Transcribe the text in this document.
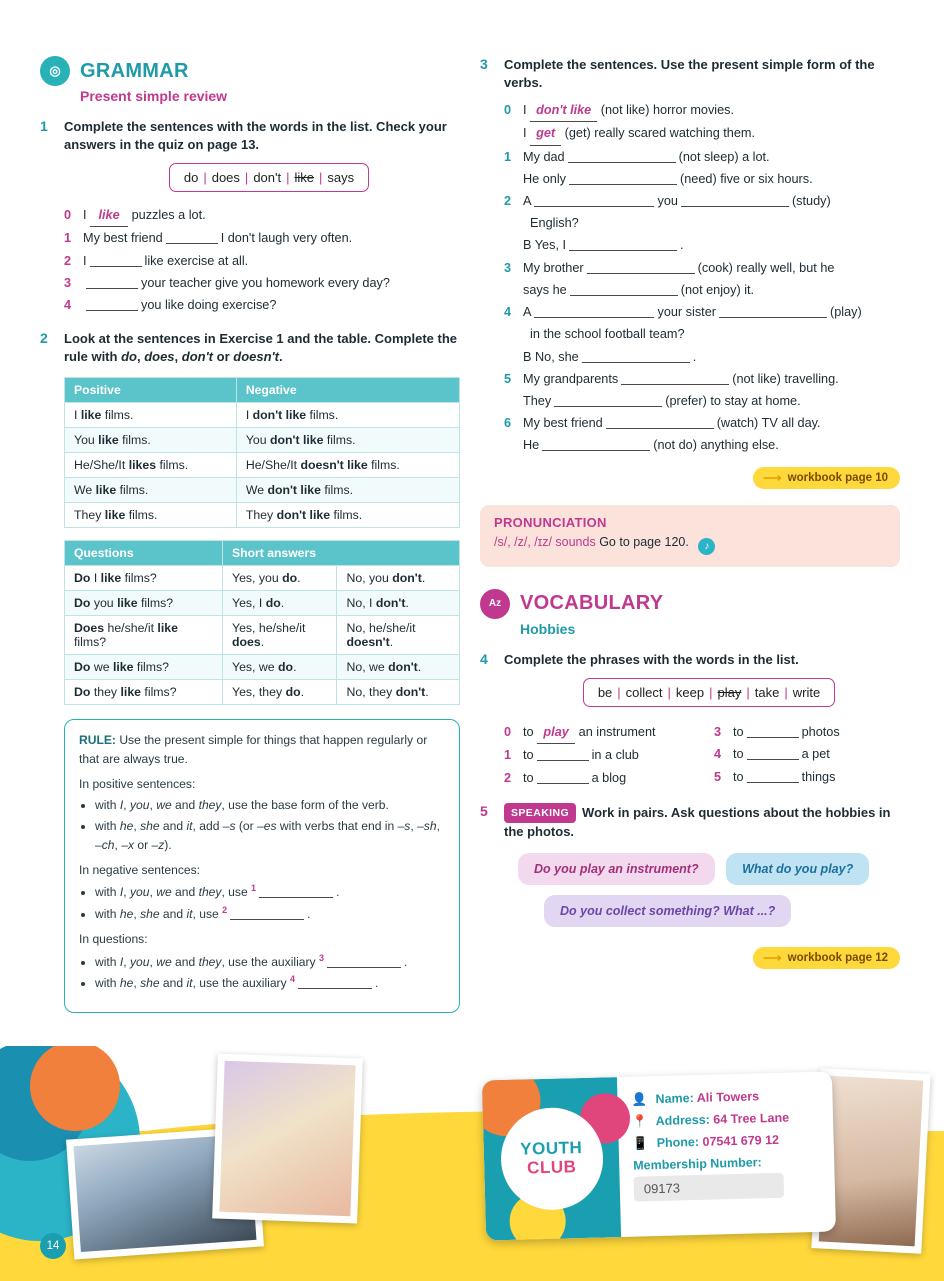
◎ GRAMMAR
Present simple review
1	Complete the sentences with the words in the list. Check your answers in the quiz on page 13.
do | does | don't | like | says
0 I like puzzles a lot.
1 My best friend	I don't laugh very often.
2 I	like exercise at all.
3	your teacher give you homework every day?
4	you like doing exercise?
2	Look at the sentences in Exercise 1 and the table. Complete the rule with do, does, don't or doesn't.
Positive	Negative
I like films.	I don't like films.
You like films.	You don't like films.
He/She/It likes films.	He/She/It doesn't like films.
We like films.	We don't like films.
They like films.	They don't like films.
Questions	Short answers	
Do I like films?	Yes, you do.	No, you don't.
Do you like films?	Yes, I do.	No, I don't.
Does he/she/it like films?	Yes, he/she/it does.	No, he/she/it doesn't.
Do we like films?	Yes, we do.	No, we don't.
Do they like films?	Yes, they do.	No, they don't.
RULE: Use the present simple for things that happen regularly or that are always true.
In positive sentences:
• with I, you, we and they, use the base form of the verb.
• with he, she and it, add –s (or –es with verbs that end in –s, –sh, –ch, –x or –z).
In negative sentences:
• with I, you, we and they, use $^1$	.
• with he, she and it, use $^2$	.
In questions:
• with I, you, we and they, use the auxiliary $^3$	.
• with he, she and it, use the auxiliary $^4$	.
3	Complete the sentences. Use the present simple form of the verbs.
0 I don't like (not like) horror movies.
I get (get) really scared watching them.
1 My dad	(not sleep) a lot.
He only	(need) five or six hours.
2 A	you	(study)
English?
B Yes, I	.
3 My brother	(cook) really well, but he
says he	(not enjoy) it.
4 A	your sister	(play)
in the school football team?
B No, she	.
5 My grandparents	(not like) travelling.
They	(prefer) to stay at home.
6 My best friend	(watch) TV all day.
He	(not do) anything else.
⟶ workbook page 10
PRONUNCIATION
/s/, /z/, /ɪz/ sounds Go to page 120. ♪
Az VOCABULARY
Hobbies
4	Complete the phrases with the words in the list.
be | collect | keep | play | take | write
0 to play an instrument
1 to	in a club
2 to	a blog
3 to	photos
4 to	a pet
5 to	things
5	SPEAKING Work in pairs. Ask questions about the hobbies in the photos.
Do you play an instrument?	What do you play?
Do you collect something? What ...?
⟶ workbook page 12
YOUTH
CLUB
👤 Name: Ali Towers
📍 Address: 64 Tree Lane
📱 Phone: 07541 679 12
Membership Number:
09173
14
